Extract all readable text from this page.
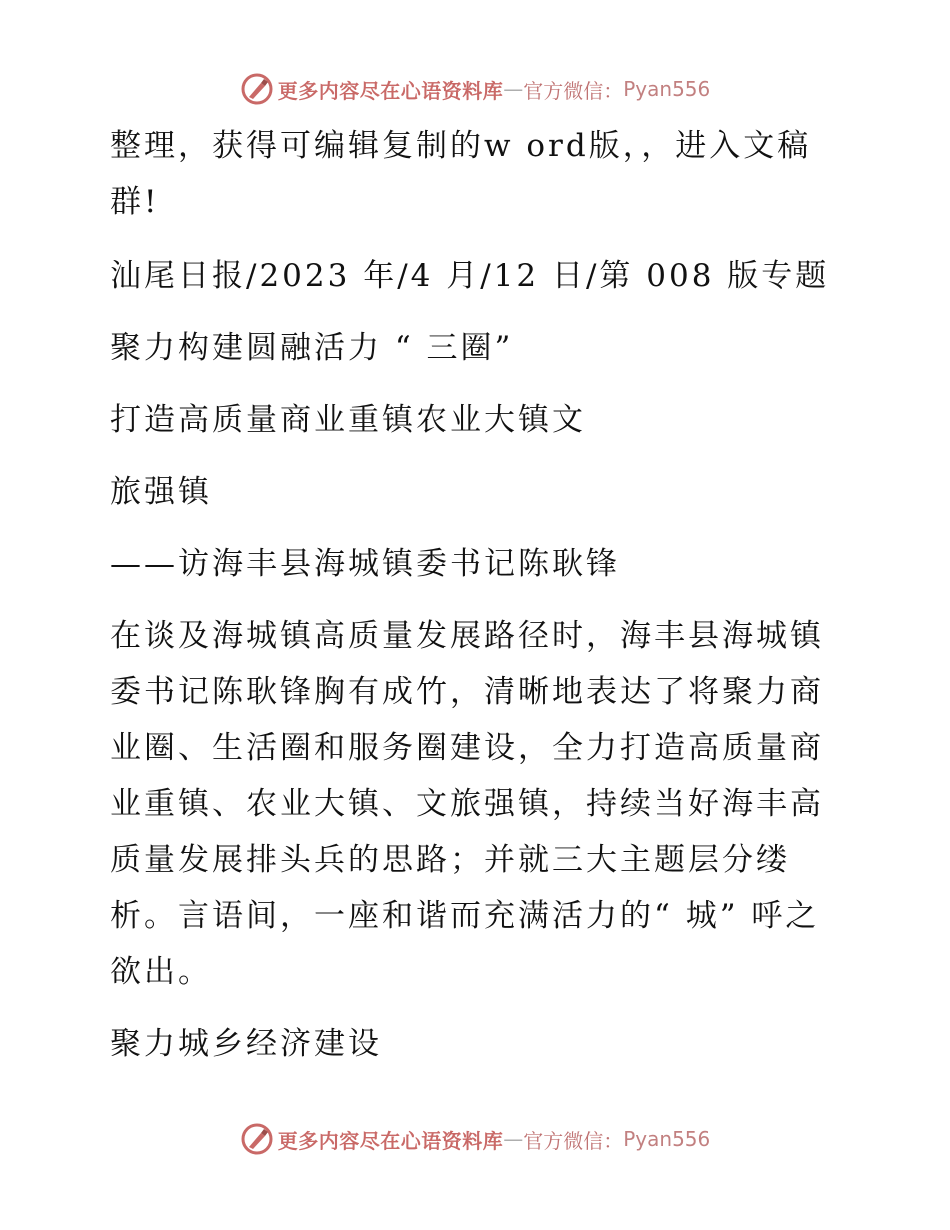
更多内容尽在心语资料库 — 官方微信： Pyan556

整理，获得可编辑复制的w ord版，，进入文稿群!

汕尾日报/2023 年/4 月/12 日/第 008 版专题

聚力构建圆融活力 “ 三圈”

打造高质量商业重镇农业大镇文

旅强镇

——访海丰县海城镇委书记陈耿锋

在谈及海城镇高质量发展路径时，海丰县海城镇委书记陈耿锋胸有成竹，清晰地表达了将聚力商业圈、生活圈和服务圈建设，全力打造高质量商业重镇、农业大镇、文旅强镇，持续当好海丰高质量发展排头兵的思路；并就三大主题层分缕析。言语间，一座和谐而充满活力的“ 城” 呼之欲出。

聚力城乡经济建设

更多内容尽在心语资料库 — 官方微信： Pyan556
